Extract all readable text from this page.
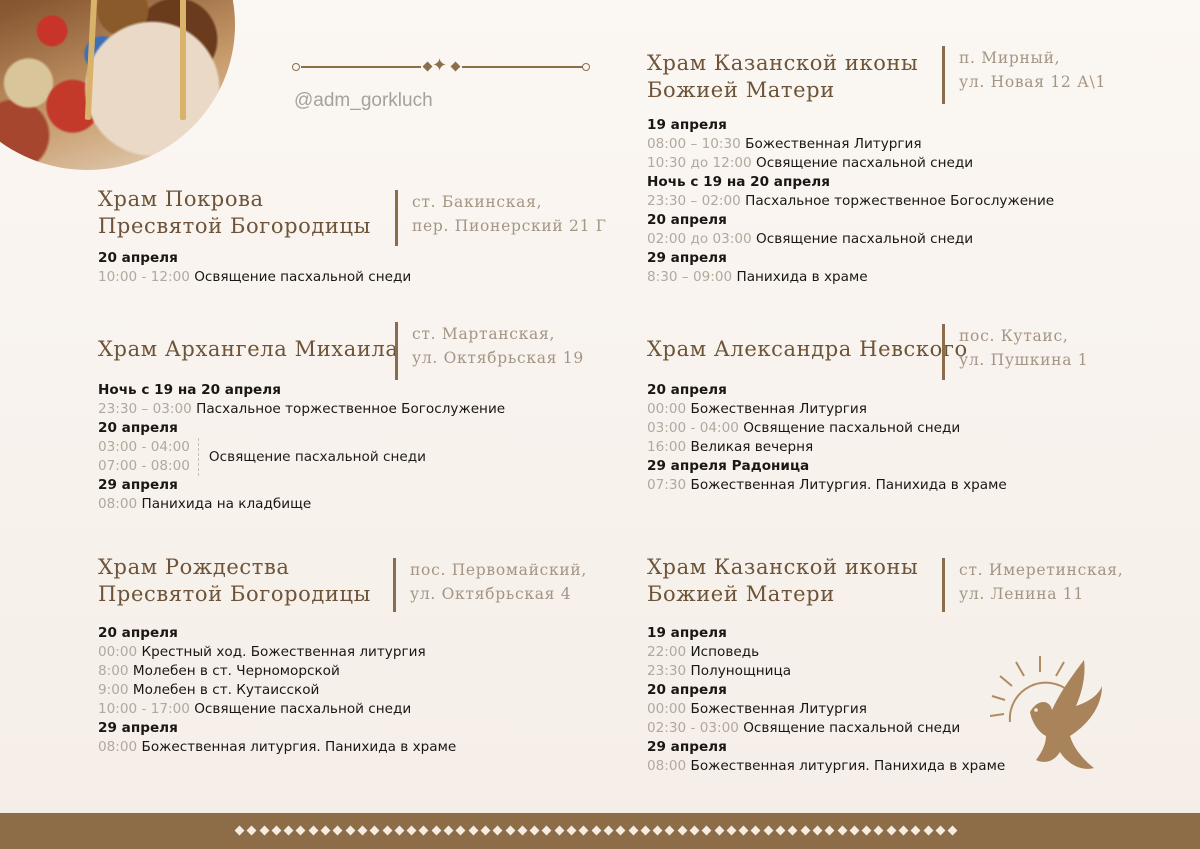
✦
@adm_gorkluch
Храм Покрова
Пресвятой Богородицы
ст. Бакинская,
пер. Пионерский 21 Г
20 апреля
10:00 - 12:00 Освящение пасхальной снеди
Храм Архангела Михаила
ст. Мартанская,
ул. Октябрьская 19
Ночь с 19 на 20 апреля
23:30 – 03:00 Пасхальное торжественное Богослужение
20 апреля
03:00 - 04:00
07:00 - 08:00
Освящение пасхальной снеди
29 апреля
08:00 Панихида на кладбище
Храм Рождества
Пресвятой Богородицы
пос. Первомайский,
ул. Октябрьская 4
20 апреля
00:00 Крестный ход. Божественная литургия
8:00 Молебен в ст. Черноморской
9:00 Молебен в ст. Кутаисской
10:00 - 17:00 Освящение пасхальной снеди
29 апреля
08:00 Божественная литургия. Панихида в храме
Храм Казанской иконы
Божией Матери
п. Мирный,
ул. Новая 12 А\1
19 апреля
08:00 – 10:30 Божественная Литургия
10:30 до 12:00 Освящение пасхальной снеди
Ночь с 19 на 20 апреля
23:30 – 02:00 Пасхальное торжественное Богослужение
20 апреля
02:00 до 03:00 Освящение пасхальной снеди
29 апреля
8:30 – 09:00 Панихида в храме
Храм Александра Невского
пос. Кутаис,
ул. Пушкина 1
20 апреля
00:00 Божественная Литургия
03:00 - 04:00 Освящение пасхальной снеди
16:00 Великая вечерня
29 апреля Радоница
07:30 Божественная Литургия. Панихида в храме
Храм Казанской иконы
Божией Матери
ст. Имеретинская,
ул. Ленина 11
19 апреля
22:00 Исповедь
23:30 Полунощница
20 апреля
00:00 Божественная Литургия
02:30 - 03:00 Освящение пасхальной снеди
29 апреля
08:00 Божественная литургия. Панихида в храме
